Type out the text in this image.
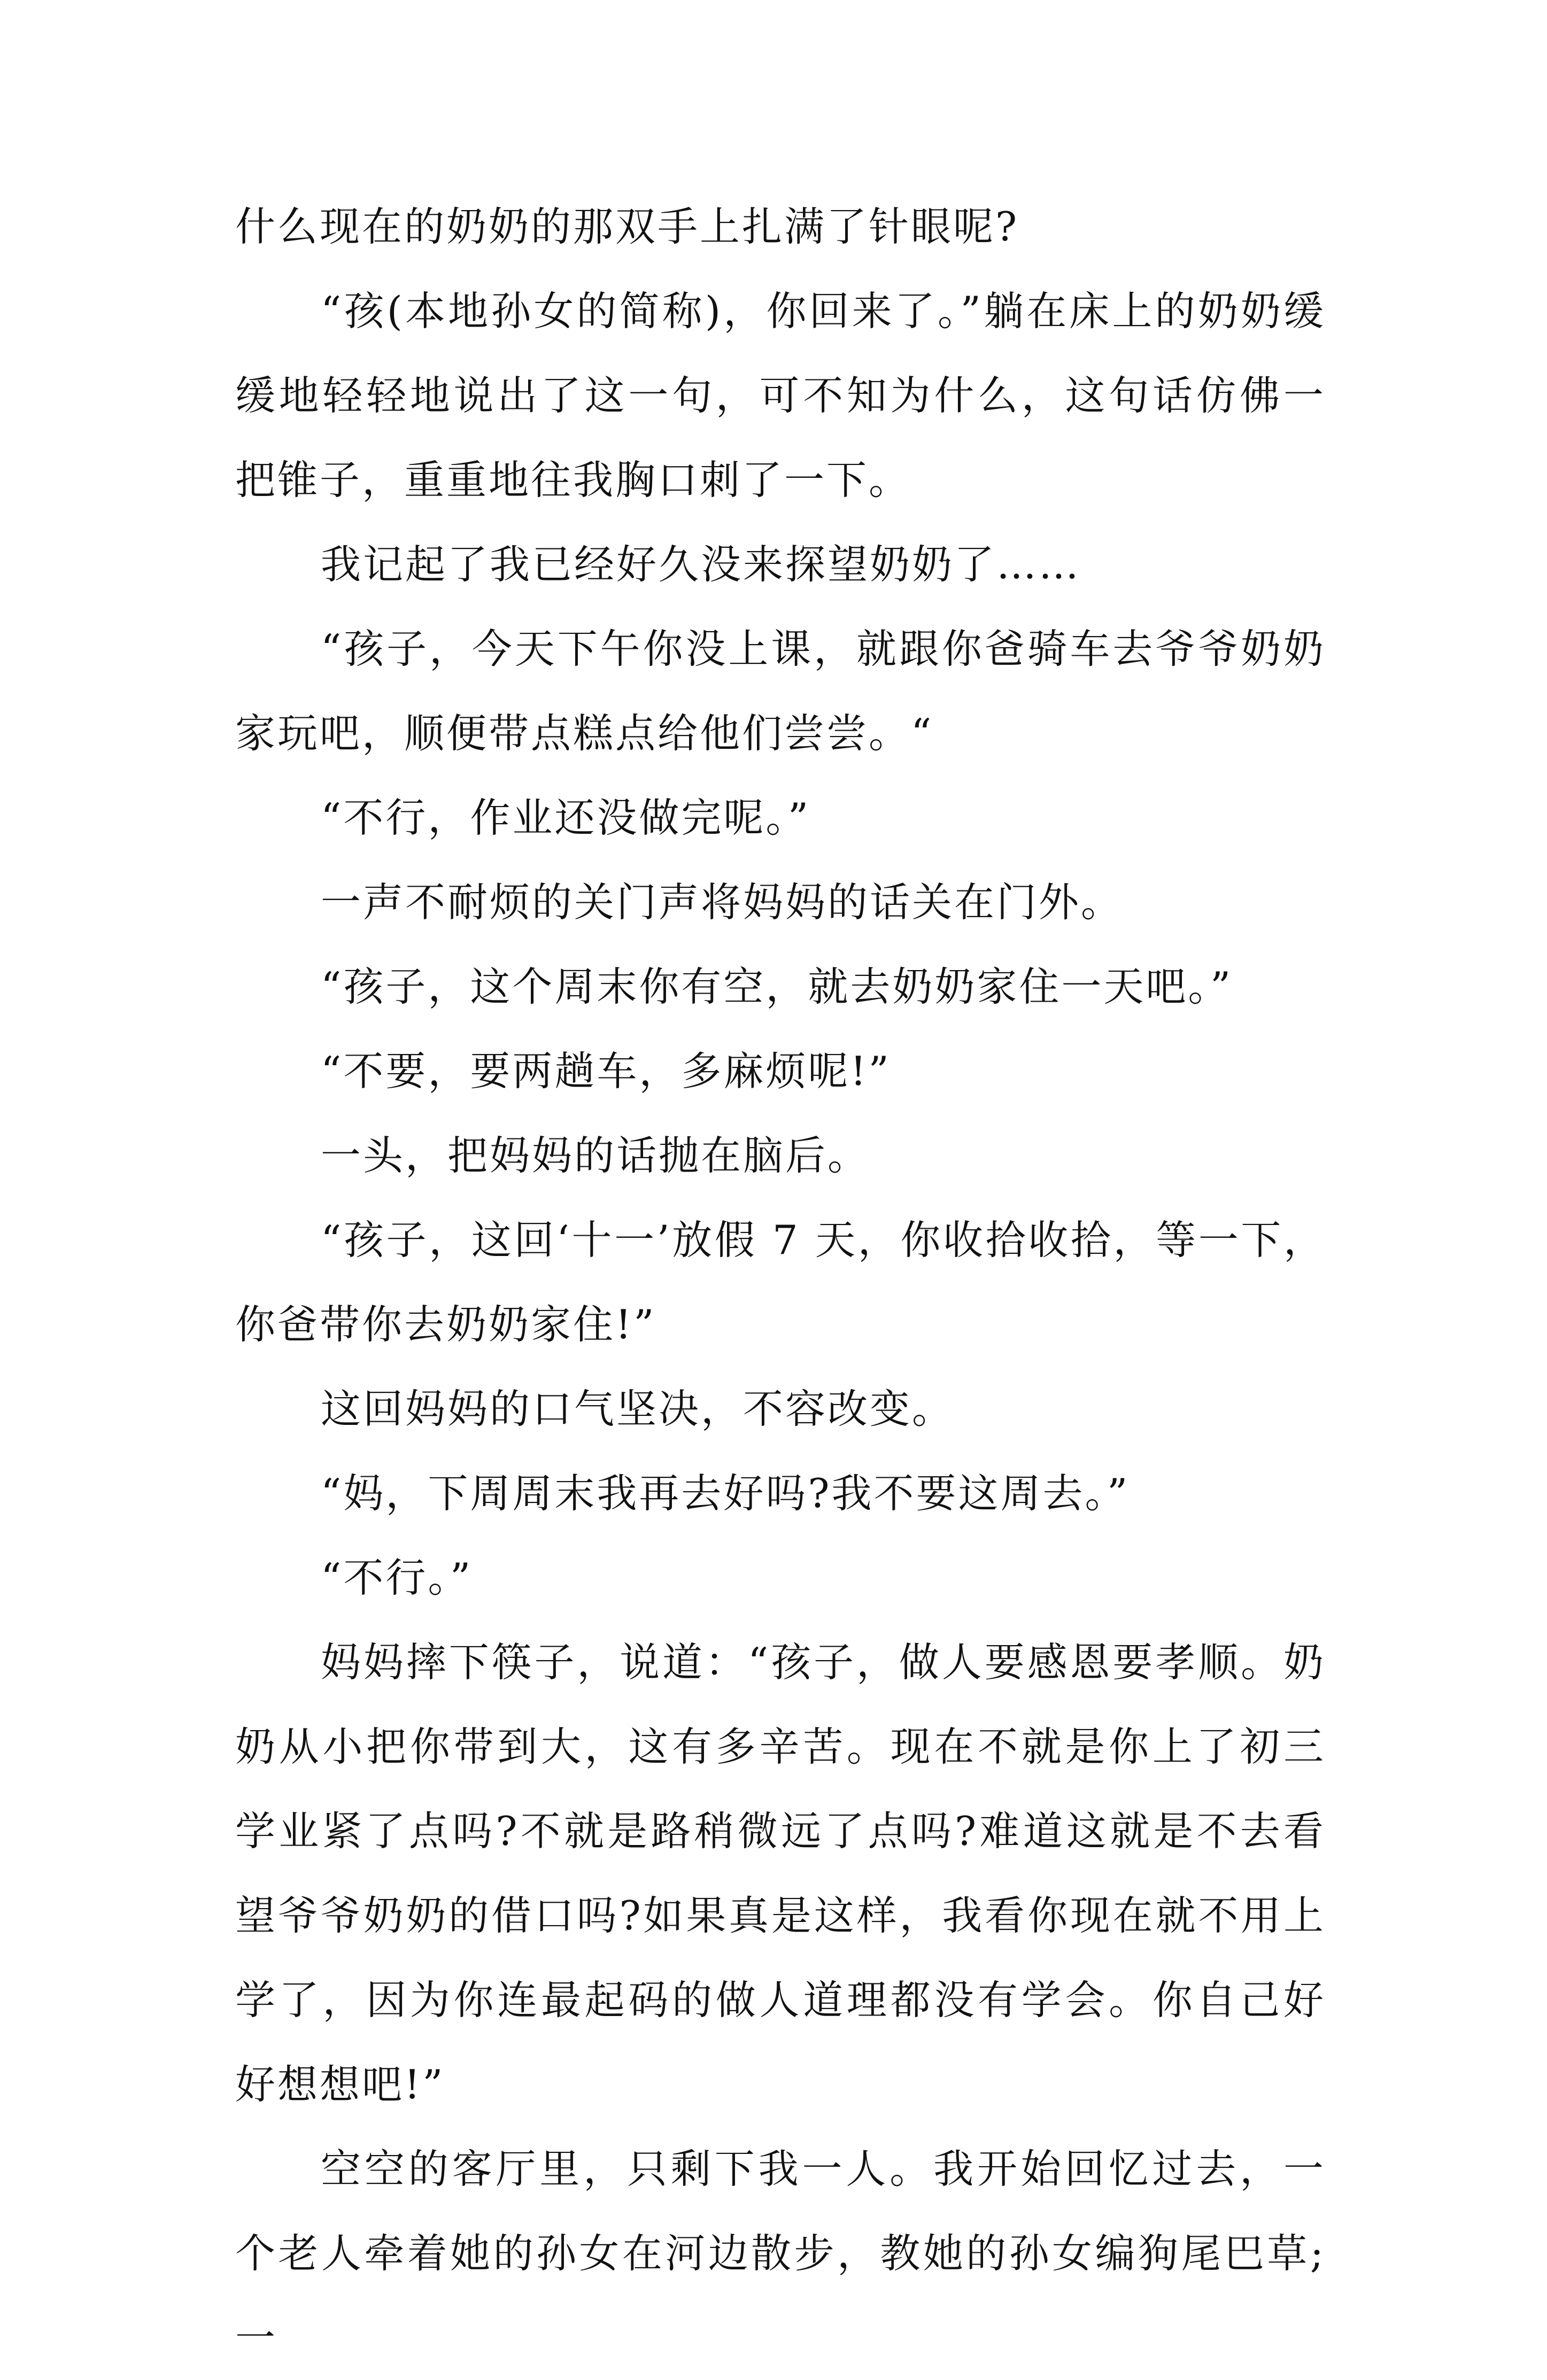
什么现在的奶奶的那双手上扎满了针眼呢?

“孩(本地孙女的简称)，你回来了。”躺在床上的奶奶缓缓地轻轻地说出了这一句，可不知为什么，这句话仿佛一把锥子，重重地往我胸口刺了一下。

我记起了我已经好久没来探望奶奶了……

“孩子，今天下午你没上课，就跟你爸骑车去爷爷奶奶家玩吧，顺便带点糕点给他们尝尝。“

“不行，作业还没做完呢。”

一声不耐烦的关门声将妈妈的话关在门外。

“孩子，这个周末你有空，就去奶奶家住一天吧。”

“不要，要两趟车，多麻烦呢!”

一头，把妈妈的话抛在脑后。

“孩子，这回‘十一’放假 7 天，你收拾收拾，等一下，你爸带你去奶奶家住!”

这回妈妈的口气坚决，不容改变。

“妈，下周周末我再去好吗?我不要这周去。”

“不行。”

妈妈摔下筷子，说道：“孩子，做人要感恩要孝顺。奶奶从小把你带到大，这有多辛苦。现在不就是你上了初三学业紧了点吗?不就是路稍微远了点吗?难道这就是不去看望爷爷奶奶的借口吗?如果真是这样，我看你现在就不用上学了，因为你连最起码的做人道理都没有学会。你自己好好想想吧!”

空空的客厅里，只剩下我一人。我开始回忆过去，一个老人牵着她的孙女在河边散步，教她的孙女编狗尾巴草;一
